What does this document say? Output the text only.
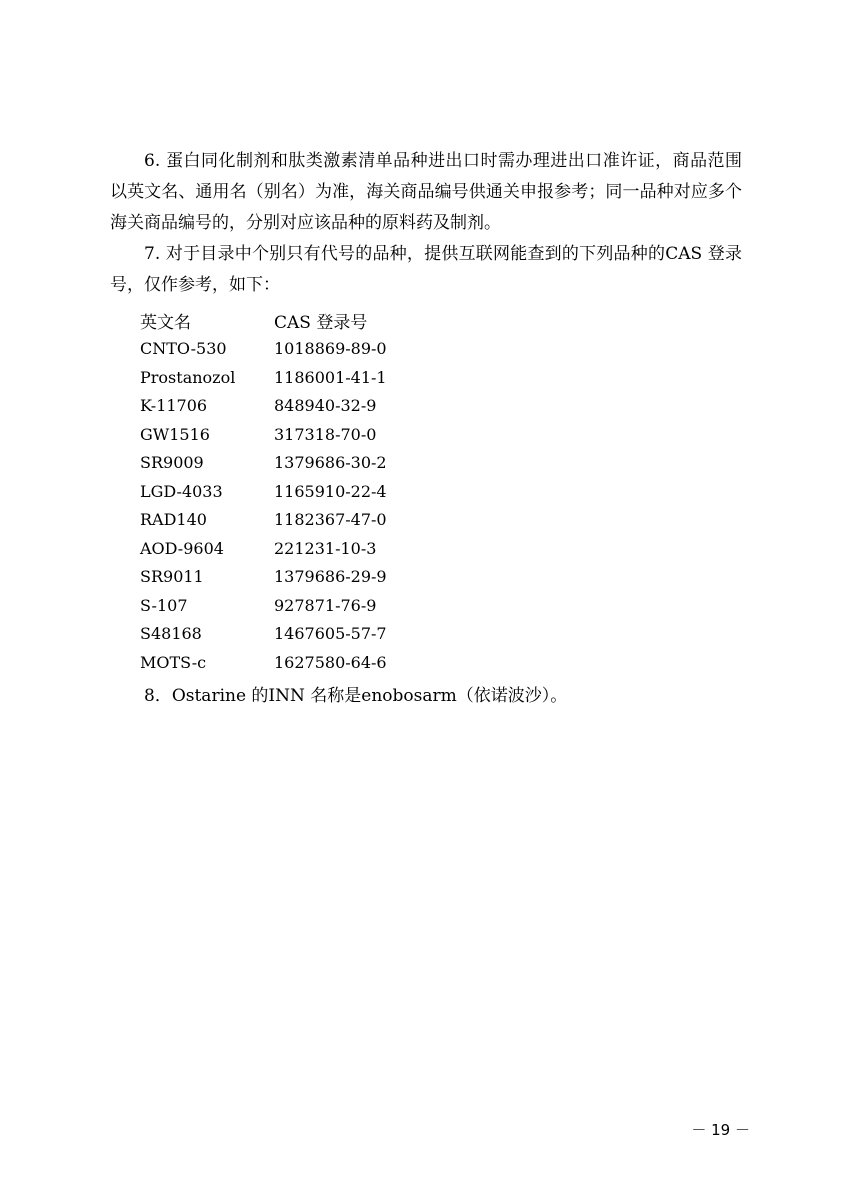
6. 蛋白同化制剂和肽类激素清单品种进出口时需办理进出口准许证，商品范围以英文名、通用名（别名）为准，海关商品编号供通关申报参考；同一品种对应多个海关商品编号的，分别对应该品种的原料药及制剂。

7. 对于目录中个别只有代号的品种，提供互联网能查到的下列品种的CAS 登录号，仅作参考，如下：

英文名	CAS 登录号
CNTO-530	1018869-89-0
Prostanozol	1186001-41-1
K-11706	848940-32-9
GW1516	317318-70-0
SR9009	1379686-30-2
LGD-4033	1165910-22-4
RAD140	1182367-47-0
AOD-9604	221231-10-3
SR9011	1379686-29-9
S-107	927871-76-9
S48168	1467605-57-7
MOTS-c	1627580-64-6

8．Ostarine 的INN 名称是enobosarm（依诺波沙）。

－ 19 －
